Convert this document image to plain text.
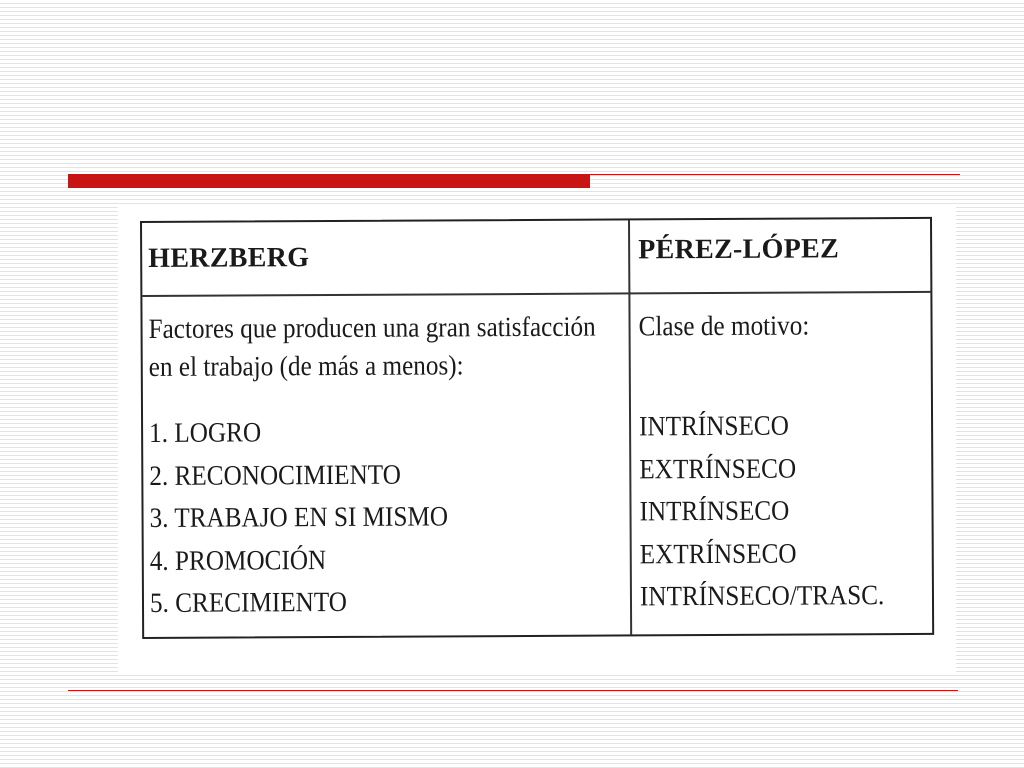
HERZBERG	PÉREZ-LÓPEZ
Factores que producen una gran satisfacción
en el trabajo (de más a menos):
1. LOGRO
2. RECONOCIMIENTO
3. TRABAJO EN SI MISMO
4. PROMOCIÓN
5. CRECIMIENTO
Clase de motivo:
INTRÍNSECO
EXTRÍNSECO
INTRÍNSECO
EXTRÍNSECO
INTRÍNSECO/TRASC.
